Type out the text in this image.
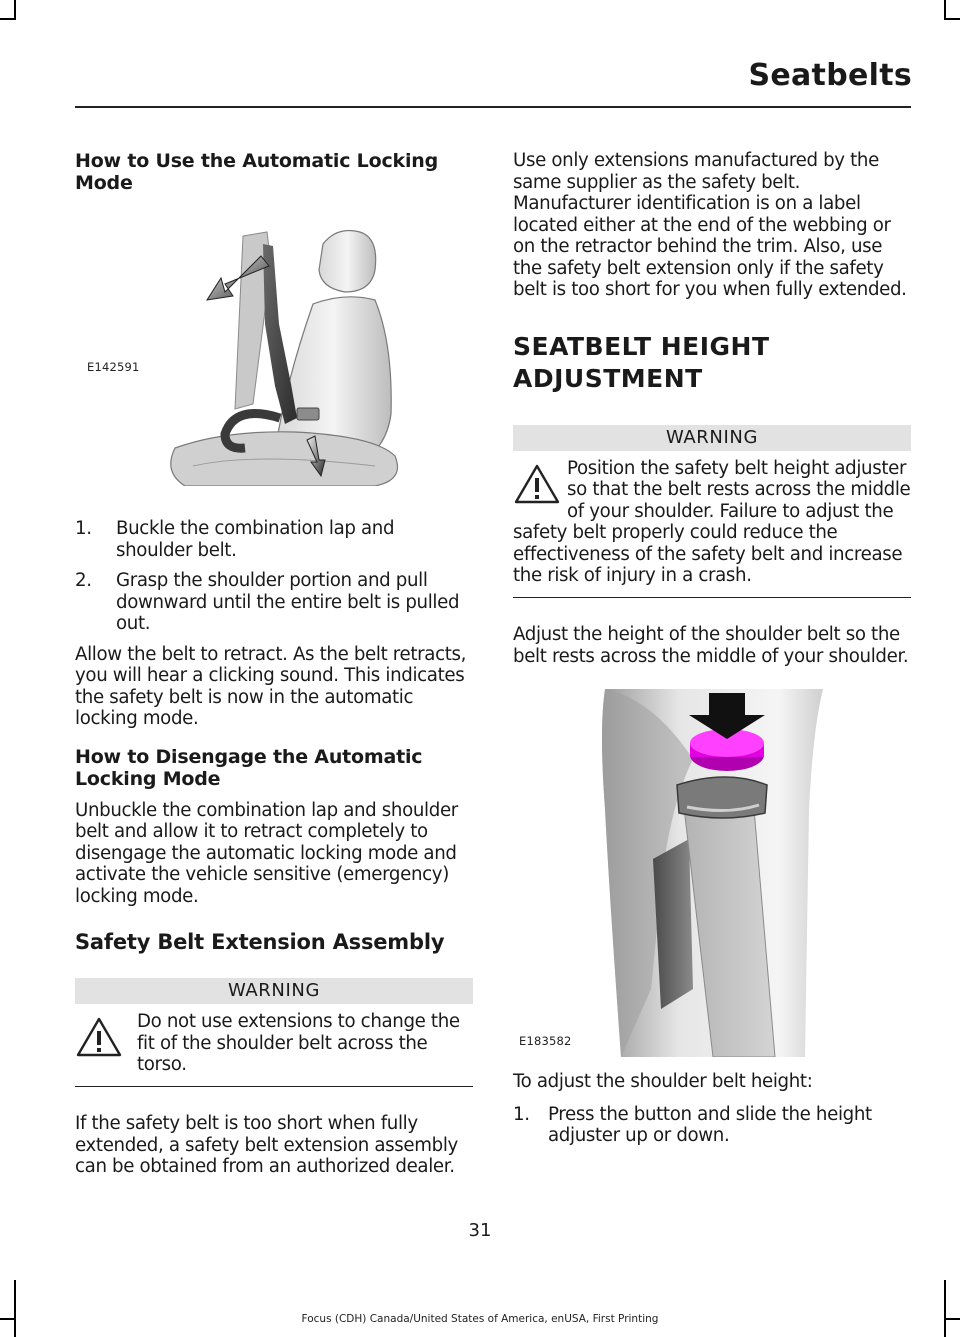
Seatbelts
How to Use the Automatic Locking Mode
E142591
1. Buckle the combination lap and shoulder belt.
2. Grasp the shoulder portion and pull downward until the entire belt is pulled out.

Allow the belt to retract. As the belt retracts, you will hear a clicking sound. This indicates the safety belt is now in the automatic locking mode.

How to Disengage the Automatic Locking Mode

Unbuckle the combination lap and shoulder belt and allow it to retract completely to disengage the automatic locking mode and activate the vehicle sensitive (emergency) locking mode.

Safety Belt Extension Assembly
WARNING

Do not use extensions to change the fit of the shoulder belt across the torso.

If the safety belt is too short when fully extended, a safety belt extension assembly can be obtained from an authorized dealer.

Use only extensions manufactured by the same supplier as the safety belt. Manufacturer identification is on a label located either at the end of the webbing or on the retractor behind the trim. Also, use the safety belt extension only if the safety belt is too short for you when fully extended.

SEATBELT HEIGHT
ADJUSTMENT
WARNING

Position the safety belt height adjuster so that the belt rests across the middle of your shoulder. Failure to adjust the safety belt properly could reduce the effectiveness of the safety belt and increase the risk of injury in a crash.

Adjust the height of the shoulder belt so the belt rests across the middle of your shoulder.

E183582

To adjust the shoulder belt height:

1. Press the button and slide the height adjuster up or down.
31
Focus (CDH) Canada/United States of America, enUSA, First Printing
